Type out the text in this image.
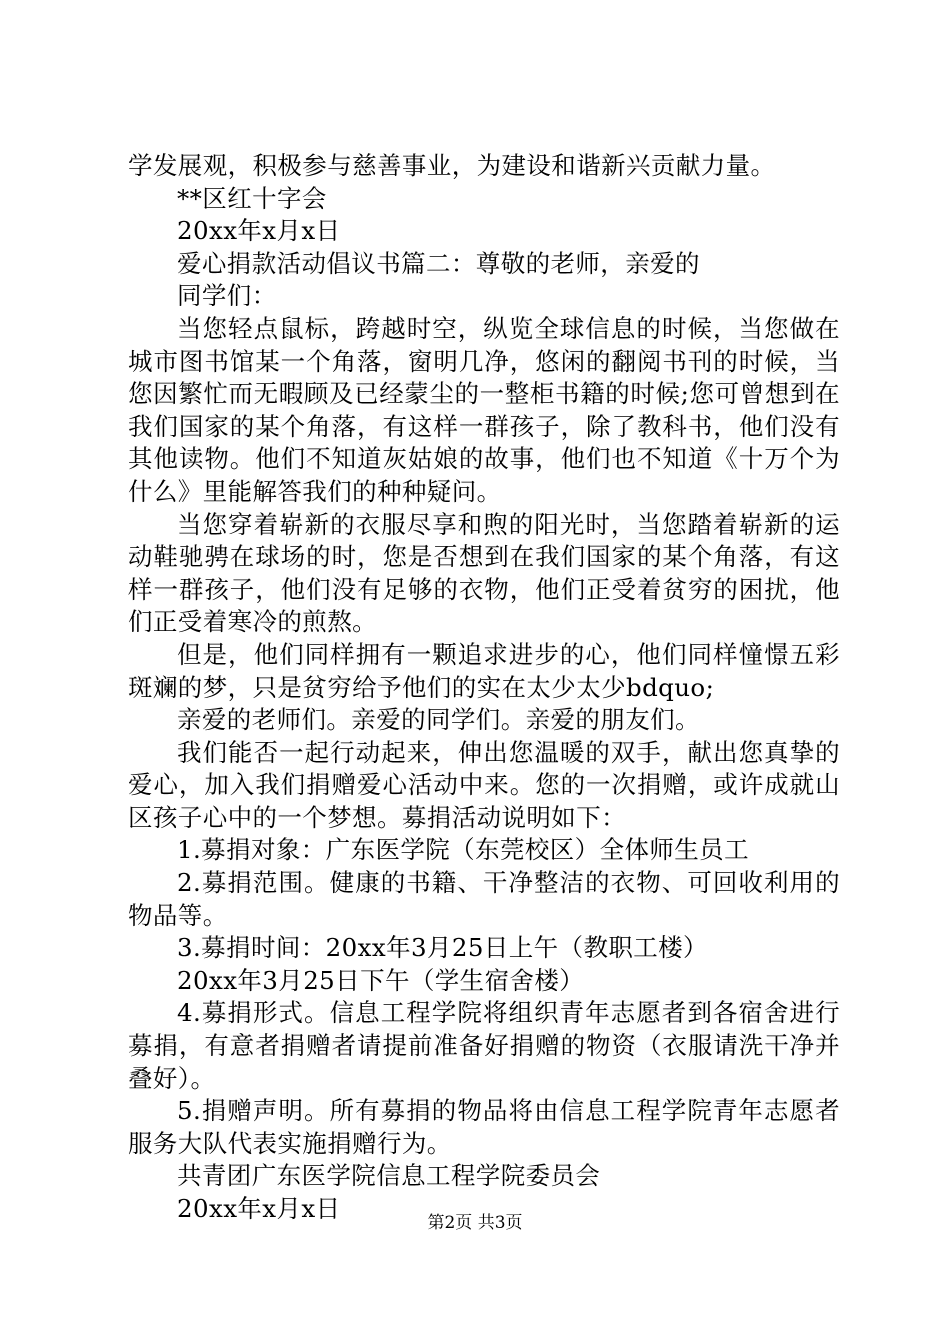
学发展观，积极参与慈善事业，为建设和谐新兴贡献力量。

**区红十字会

20xx年x月x日

爱心捐款活动倡议书篇二：尊敬的老师，亲爱的

同学们：

当您轻点鼠标，跨越时空，纵览全球信息的时候，当您做在城市图书馆某一个角落，窗明几净，悠闲的翻阅书刊的时候，当您因繁忙而无暇顾及已经蒙尘的一整柜书籍的时候;您可曾想到在我们国家的某个角落，有这样一群孩子，除了教科书，他们没有其他读物。他们不知道灰姑娘的故事，他们也不知道《十万个为什么》里能解答我们的种种疑问。

当您穿着崭新的衣服尽享和煦的阳光时，当您踏着崭新的运动鞋驰骋在球场的时，您是否想到在我们国家的某个角落，有这样一群孩子，他们没有足够的衣物，他们正受着贫穷的困扰，他们正受着寒冷的煎熬。

但是，他们同样拥有一颗追求进步的心，他们同样憧憬五彩斑斓的梦，只是贫穷给予他们的实在太少太少bdquo;

亲爱的老师们。亲爱的同学们。亲爱的朋友们。

我们能否一起行动起来，伸出您温暖的双手，献出您真挚的爱心，加入我们捐赠爱心活动中来。您的一次捐赠，或许成就山区孩子心中的一个梦想。募捐活动说明如下：

1.募捐对象：广东医学院（东莞校区）全体师生员工

2.募捐范围。健康的书籍、干净整洁的衣物、可回收利用的物品等。

3.募捐时间：20xx年3月25日上午（教职工楼）

20xx年3月25日下午（学生宿舍楼）

4.募捐形式。信息工程学院将组织青年志愿者到各宿舍进行募捐，有意者捐赠者请提前准备好捐赠的物资（衣服请洗干净并叠好）。

5.捐赠声明。所有募捐的物品将由信息工程学院青年志愿者服务大队代表实施捐赠行为。

共青团广东医学院信息工程学院委员会

20xx年x月x日	第2页 共3页
